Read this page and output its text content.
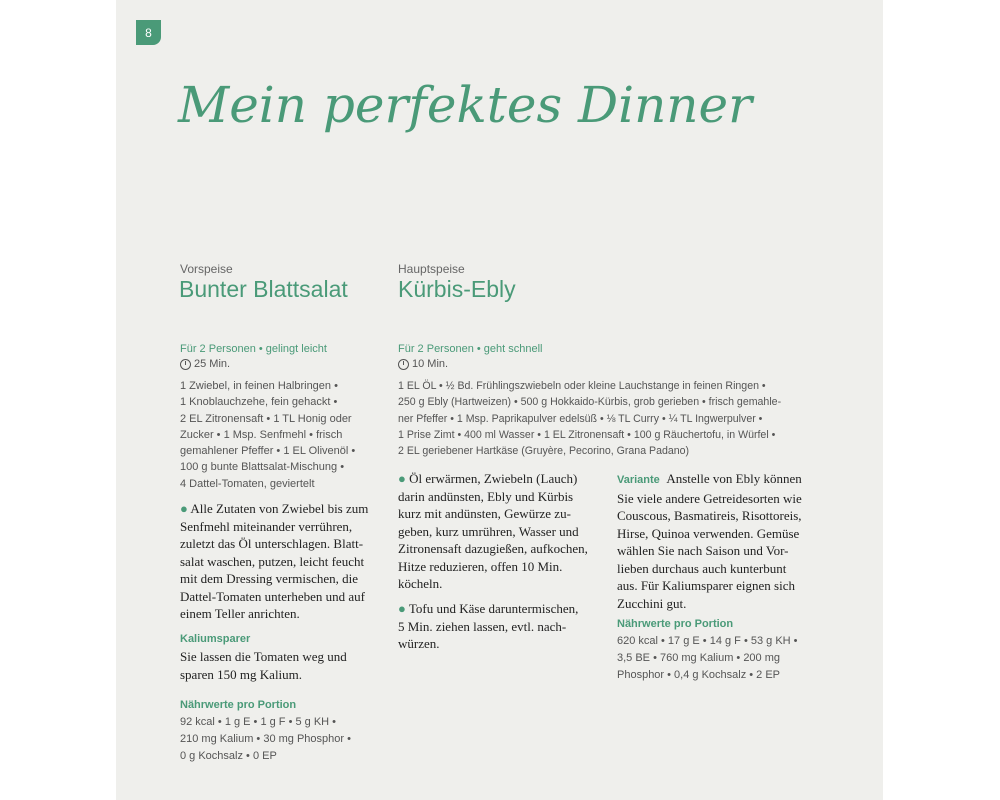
8
Mein perfektes Dinner
Vorspeise
Bunter Blattsalat
Für 2 Personen • gelingt leicht
25 Min.
1 Zwiebel, in feinen Halbringen •
1 Knoblauchzehe, fein gehackt •
2 EL Zitronensaft • 1 TL Honig oder
Zucker • 1 Msp. Senfmehl • frisch
gemahlener Pfeffer • 1 EL Olivenöl •
100 g bunte Blattsalat-Mischung •
4 Dattel-Tomaten, geviertelt
● Alle Zutaten von Zwiebel bis zum
Senfmehl miteinander verrühren,
zuletzt das Öl unterschlagen. Blatt-
salat waschen, putzen, leicht feucht
mit dem Dressing vermischen, die
Dattel-Tomaten unterheben und auf
einem Teller anrichten.
Kaliumsparer
Sie lassen die Tomaten weg und
sparen 150 mg Kalium.
Nährwerte pro Portion
92 kcal • 1 g E • 1 g F • 5 g KH •
210 mg Kalium • 30 mg Phosphor •
0 g Kochsalz • 0 EP
Hauptspeise
Kürbis-Ebly
Für 2 Personen • geht schnell
10 Min.
1 EL ÖL • ½ Bd. Frühlingszwiebeln oder kleine Lauchstange in feinen Ringen •
250 g Ebly (Hartweizen) • 500 g Hokkaido-Kürbis, grob gerieben • frisch gemahle-
ner Pfeffer • 1 Msp. Paprikapulver edelsüß • ⅛ TL Curry • ¼ TL Ingwerpulver •
1 Prise Zimt • 400 ml Wasser • 1 EL Zitronensaft • 100 g Räuchertofu, in Würfel •
2 EL geriebener Hartkäse (Gruyère, Pecorino, Grana Padano)
● Öl erwärmen, Zwiebeln (Lauch)
darin andünsten, Ebly und Kürbis
kurz mit andünsten, Gewürze zu-
geben, kurz umrühren, Wasser und
Zitronensaft dazugießen, aufkochen,
Hitze reduzieren, offen 10 Min.
köcheln.
● Tofu und Käse daruntermischen,
5 Min. ziehen lassen, evtl. nach-
würzen.
Variante Anstelle von Ebly können
Sie viele andere Getreidesorten wie
Couscous, Basmatireis, Risottoreis,
Hirse, Quinoa verwenden. Gemüse
wählen Sie nach Saison und Vor-
lieben durchaus auch kunterbunt
aus. Für Kaliumsparer eignen sich
Zucchini gut.
Nährwerte pro Portion
620 kcal • 17 g E • 14 g F • 53 g KH •
3,5 BE • 760 mg Kalium • 200 mg
Phosphor • 0,4 g Kochsalz • 2 EP
